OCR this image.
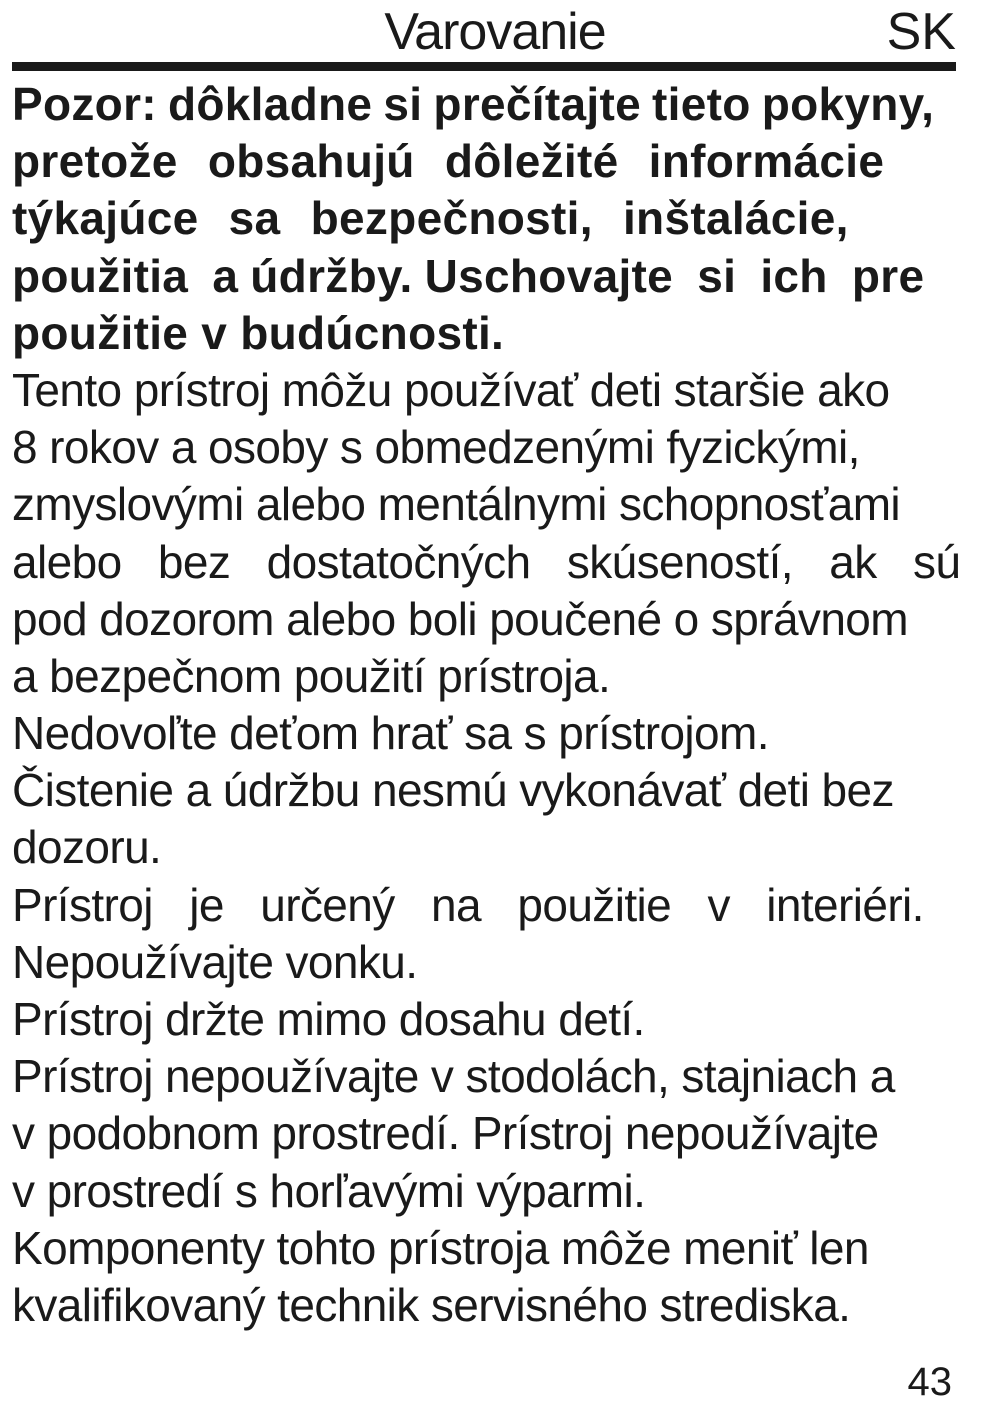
Varovanie	SK
Pozor: dôkladne si prečítajte tieto pokyny,
pretože  obsahujú  dôležité  informácie
týkajúce  sa  bezpečnosti,  inštalácie,
použitia  a údržby. Uschovajte  si  ich  pre
použitie v budúcnosti.
Tento prístroj môžu používať deti staršie ako
8 rokov a osoby s obmedzenými fyzickými,
zmyslovými alebo mentálnymi schopnosťami
alebo  bez  dostatočných  skúseností,  ak  sú
pod dozorom alebo boli poučené o správnom
a bezpečnom použití prístroja.
Nedovoľte deťom hrať sa s prístrojom.
Čistenie a údržbu nesmú vykonávať deti bez
dozoru.
Prístroj  je  určený  na  použitie  v  interiéri.
Nepoužívajte vonku.
Prístroj držte mimo dosahu detí.
Prístroj nepoužívajte v stodolách, stajniach a
v podobnom prostredí. Prístroj nepoužívajte
v prostredí s horľavými výparmi.
Komponenty tohto prístroja môže meniť len
kvalifikovaný technik servisného strediska.
43
